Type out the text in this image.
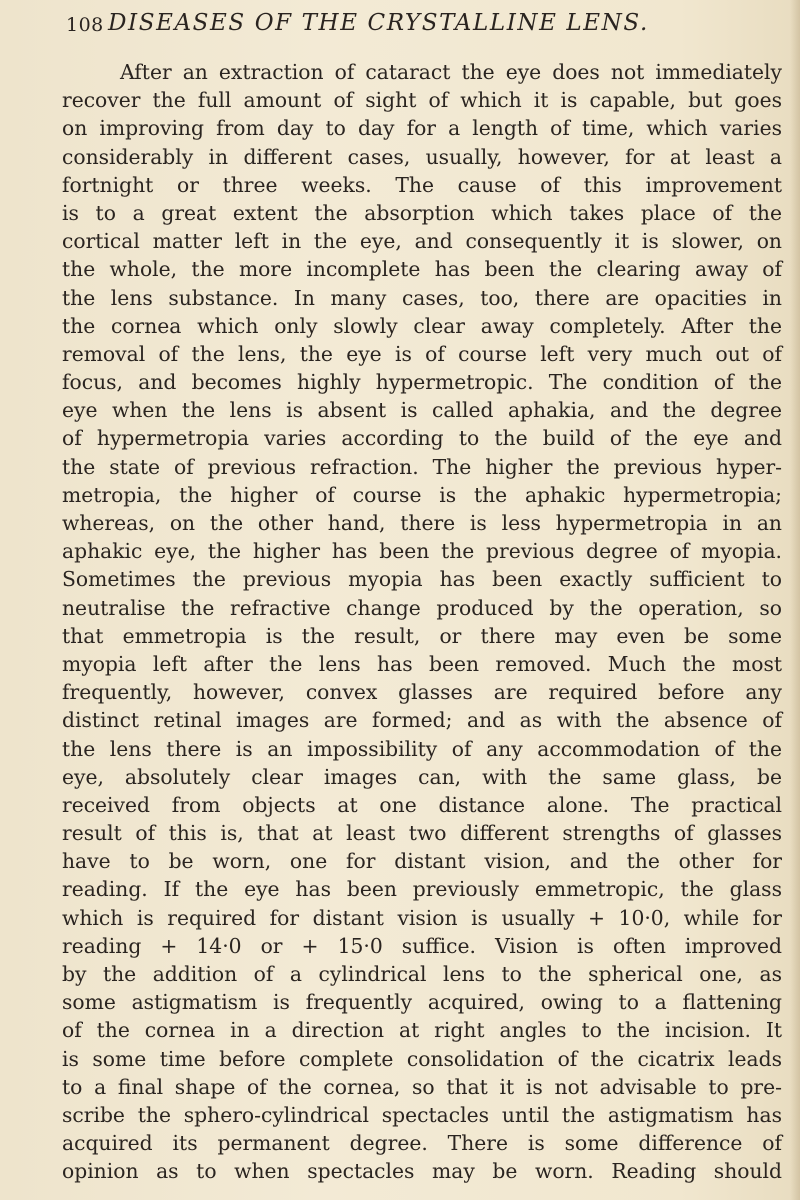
108 DISEASES OF THE CRYSTALLINE LENS.
After an extraction of cataract the eye does not immediately
recover the full amount of sight of which it is capable, but goes
on improving from day to day for a length of time, which varies
considerably in different cases, usually, however, for at least a
fortnight or three weeks. The cause of this improvement
is to a great extent the absorption which takes place of the
cortical matter left in the eye, and consequently it is slower, on
the whole, the more incomplete has been the clearing away of
the lens substance. In many cases, too, there are opacities in
the cornea which only slowly clear away completely. After the
removal of the lens, the eye is of course left very much out of
focus, and becomes highly hypermetropic. The condition of the
eye when the lens is absent is called aphakia, and the degree
of hypermetropia varies according to the build of the eye and
the state of previous refraction. The higher the previous hyper-
metropia, the higher of course is the aphakic hypermetropia;
whereas, on the other hand, there is less hypermetropia in an
aphakic eye, the higher has been the previous degree of myopia.
Sometimes the previous myopia has been exactly sufficient to
neutralise the refractive change produced by the operation, so
that emmetropia is the result, or there may even be some
myopia left after the lens has been removed. Much the most
frequently, however, convex glasses are required before any
distinct retinal images are formed; and as with the absence of
the lens there is an impossibility of any accommodation of the
eye, absolutely clear images can, with the same glass, be
received from objects at one distance alone. The practical
result of this is, that at least two different strengths of glasses
have to be worn, one for distant vision, and the other for
reading. If the eye has been previously emmetropic, the glass
which is required for distant vision is usually + 10·0, while for
reading + 14·0 or + 15·0 suffice. Vision is often improved
by the addition of a cylindrical lens to the spherical one, as
some astigmatism is frequently acquired, owing to a flattening
of the cornea in a direction at right angles to the incision. It
is some time before complete consolidation of the cicatrix leads
to a final shape of the cornea, so that it is not advisable to pre-
scribe the sphero-cylindrical spectacles until the astigmatism has
acquired its permanent degree. There is some difference of
opinion as to when spectacles may be worn. Reading should
